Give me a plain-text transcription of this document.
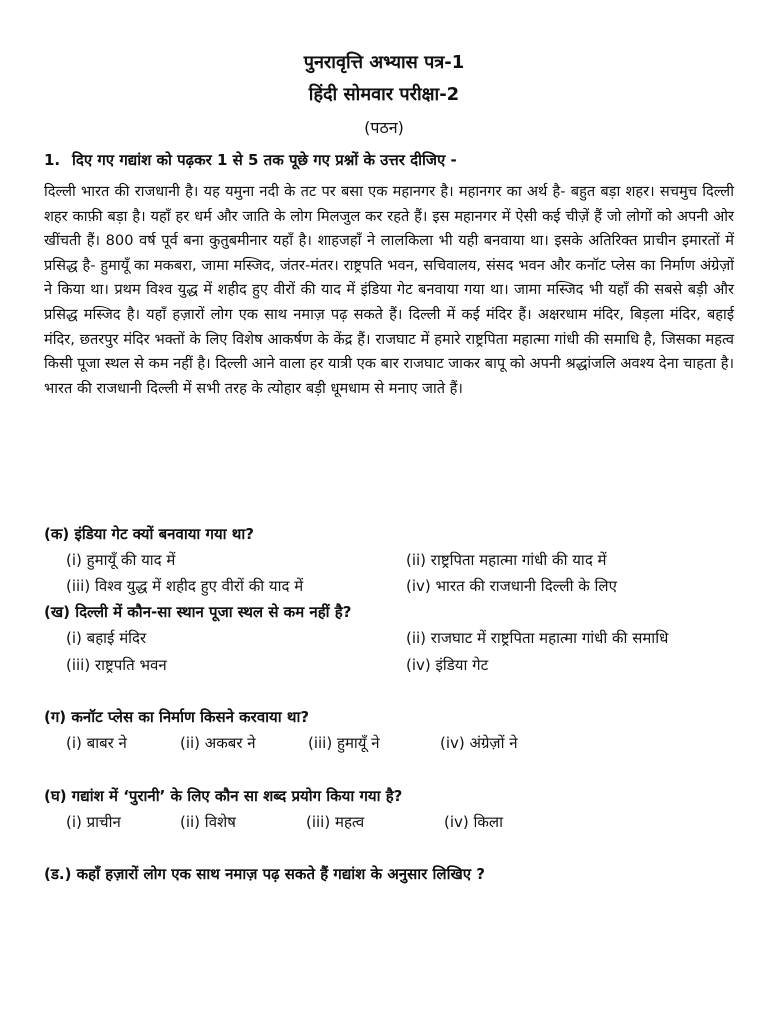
पुनरावृत्ति अभ्यास पत्र-1
हिंदी सोमवार परीक्षा-2
(पठन)
1. दिए गए गद्यांश को पढ़कर 1 से 5 तक पूछे गए प्रश्नों के उत्तर दीजिए -
दिल्ली भारत की राजधानी है। यह यमुना नदी के तट पर बसा एक महानगर है। महानगर का अर्थ है- बहुत बड़ा शहर। सचमुच दिल्ली शहर काफ़ी बड़ा है। यहाँ हर धर्म और जाति के लोग मिलजुल कर रहते हैं। इस महानगर में ऐसी कई चीज़ें हैं जो लोगों को अपनी ओर खींचती हैं। 800 वर्ष पूर्व बना कुतुबमीनार यहाँ है। शाहजहाँ ने लालकिला भी यही बनवाया था। इसके अतिरिक्त प्राचीन इमारतों में प्रसिद्ध है- हुमायूँ का मकबरा, जामा मस्जिद, जंतर-मंतर। राष्ट्रपति भवन, सचिवालय, संसद भवन और कनॉट प्लेस का निर्माण अंग्रेज़ों ने किया था। प्रथम विश्व युद्ध में शहीद हुए वीरों की याद में इंडिया गेट बनवाया गया था। जामा मस्जिद भी यहाँ की सबसे बड़ी और प्रसिद्ध मस्जिद है। यहाँ हज़ारों लोग एक साथ नमाज़ पढ़ सकते हैं। दिल्ली में कई मंदिर हैं। अक्षरधाम मंदिर, बिड़ला मंदिर, बहाई मंदिर, छतरपुर मंदिर भक्तों के लिए विशेष आकर्षण के केंद्र हैं। राजघाट में हमारे राष्ट्रपिता महात्मा गांधी की समाधि है, जिसका महत्व किसी पूजा स्थल से कम नहीं है। दिल्ली आने वाला हर यात्री एक बार राजघाट जाकर बापू को अपनी श्रद्धांजलि अवश्य देना चाहता है। भारत की राजधानी दिल्ली में सभी तरह के त्योहार बड़ी धूमधाम से मनाए जाते हैं।
(क) इंडिया गेट क्यों बनवाया गया था?
(i) हुमायूँ की याद में	(ii) राष्ट्रपिता महात्मा गांधी की याद में
(iii) विश्व युद्ध में शहीद हुए वीरों की याद में	(iv) भारत की राजधानी दिल्ली के लिए
(ख) दिल्ली में कौन-सा स्थान पूजा स्थल से कम नहीं है?
(i) बहाई मंदिर	(ii) राजघाट में राष्ट्रपिता महात्मा गांधी की समाधि
(iii) राष्ट्रपति भवन	(iv) इंडिया गेट
(ग) कनॉट प्लेस का निर्माण किसने करवाया था?
(i) बाबर ने	(ii) अकबर ने	(iii) हुमायूँ ने	(iv) अंग्रेज़ों ने
(घ) गद्यांश में ‘पुरानी’ के लिए कौन सा शब्द प्रयोग किया गया है?
(i) प्राचीन	(ii) विशेष	(iii) महत्व	(iv) किला
(ड.) कहाँ हज़ारों लोग एक साथ नमाज़ पढ़ सकते हैं गद्यांश के अनुसार लिखिए ?
